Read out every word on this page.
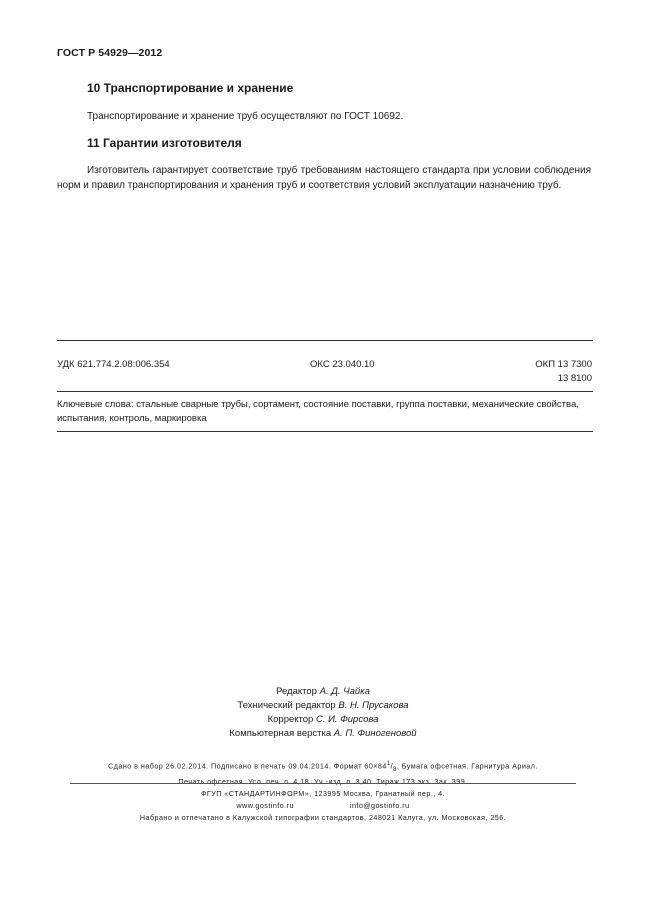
ГОСТ Р 54929—2012
10 Транспортирование и хранение
Транспортирование и хранение труб осуществляют по ГОСТ 10692.
11 Гарантии изготовителя
Изготовитель гарантирует соответствие труб требованиям настоящего стандарта при условии соблюдения норм и правил транспортирования и хранения труб и соответствия условий эксплуатации назначению труб.
УДК 621.774.2.08:006.354	ОКС 23.040.10	ОКП 13 7300
13 8100
Ключевые слова: стальные сварные трубы, сортамент, состояние поставки, группа поставки, механические свойства, испытания, контроль, маркировка
Редактор А. Д. Чайка
Технический редактор В. Н. Прусакова
Корректор С. И. Фирсова
Компьютерная верстка А. П. Финогеновой
Сдано в набор 26.02.2014. Подписано в печать 09.04.2014. Формат $60\times 84^1/_8$. Бумага офсетная. Гарнитура Ариал.
Печать офсетная. Усл. печ. л. 4,18. Уч.-изд. л. 3,40. Тираж 173 экз. Зак. 399.
ФГУП «СТАНДАРТИНФОРМ», 123995 Москва, Гранатный пер., 4.
www.gostinfo.ru	info@gostinfo.ru
Набрано и отпечатано в Калужской типографии стандартов, 248021 Калуга, ул. Московская, 256.
